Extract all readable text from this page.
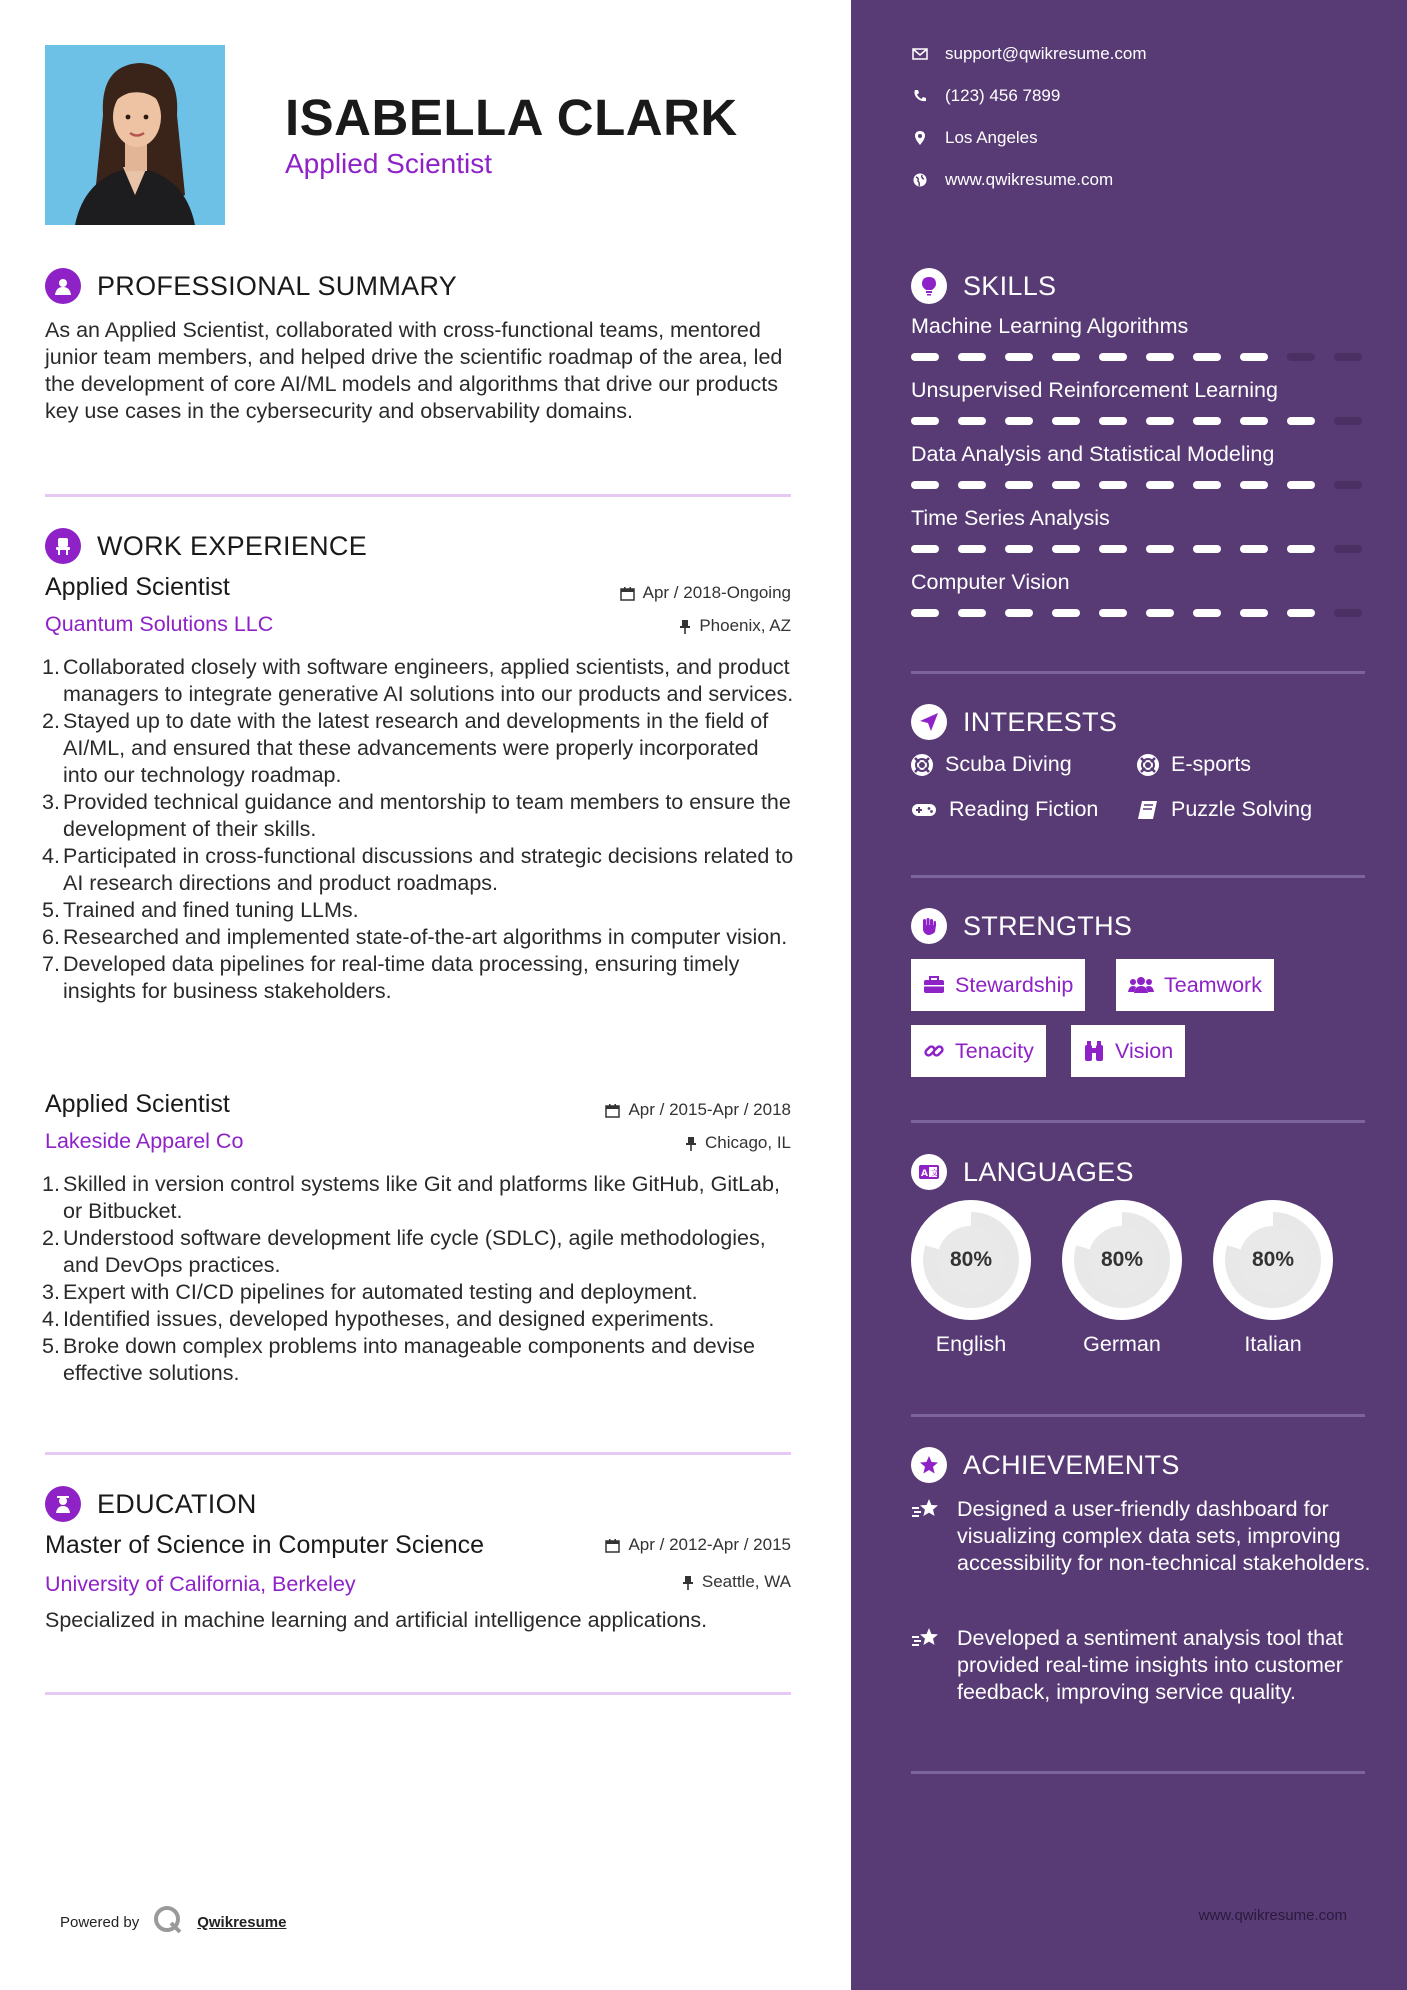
ISABELLA CLARK
Applied Scientist
PROFESSIONAL SUMMARY
As an Applied Scientist, collaborated with cross-functional teams, mentored junior team members, and helped drive the scientific roadmap of the area, led the development of core AI/ML models and algorithms that drive our products key use cases in the cybersecurity and observability domains.
WORK EXPERIENCE
Applied Scientist
Quantum Solutions LLC
Apr / 2018-Ongoing
Phoenix, AZ
1. Collaborated closely with software engineers, applied scientists, and product managers to integrate generative AI solutions into our products and services.
2. Stayed up to date with the latest research and developments in the field of AI/ML, and ensured that these advancements were properly incorporated into our technology roadmap.
3. Provided technical guidance and mentorship to team members to ensure the development of their skills.
4. Participated in cross-functional discussions and strategic decisions related to AI research directions and product roadmaps.
5. Trained and fined tuning LLMs.
6. Researched and implemented state-of-the-art algorithms in computer vision.
7. Developed data pipelines for real-time data processing, ensuring timely insights for business stakeholders.
Applied Scientist
Lakeside Apparel Co
Apr / 2015-Apr / 2018
Chicago, IL
1. Skilled in version control systems like Git and platforms like GitHub, GitLab, or Bitbucket.
2. Understood software development life cycle (SDLC), agile methodologies, and DevOps practices.
3. Expert with CI/CD pipelines for automated testing and deployment.
4. Identified issues, developed hypotheses, and designed experiments.
5. Broke down complex problems into manageable components and devise effective solutions.
EDUCATION
Master of Science in Computer Science
University of California, Berkeley
Apr / 2012-Apr / 2015
Seattle, WA
Specialized in machine learning and artificial intelligence applications.
Powered by	Qwikresume
support@qwikresume.com
(123) 456 7899
Los Angeles
www.qwikresume.com
SKILLS
Machine Learning Algorithms
Unsupervised Reinforcement Learning
Data Analysis and Statistical Modeling
Time Series Analysis
Computer Vision
INTERESTS
Scuba Diving	E-sports
Reading Fiction	Puzzle Solving
STRENGTHS
Stewardship	Teamwork
Tenacity	Vision
A 文 LANGUAGES
80%
English
80%
German
80%
Italian
ACHIEVEMENTS
Designed a user-friendly dashboard for visualizing complex data sets, improving accessibility for non-technical stakeholders.
Developed a sentiment analysis tool that provided real-time insights into customer feedback, improving service quality.
www.qwikresume.com
